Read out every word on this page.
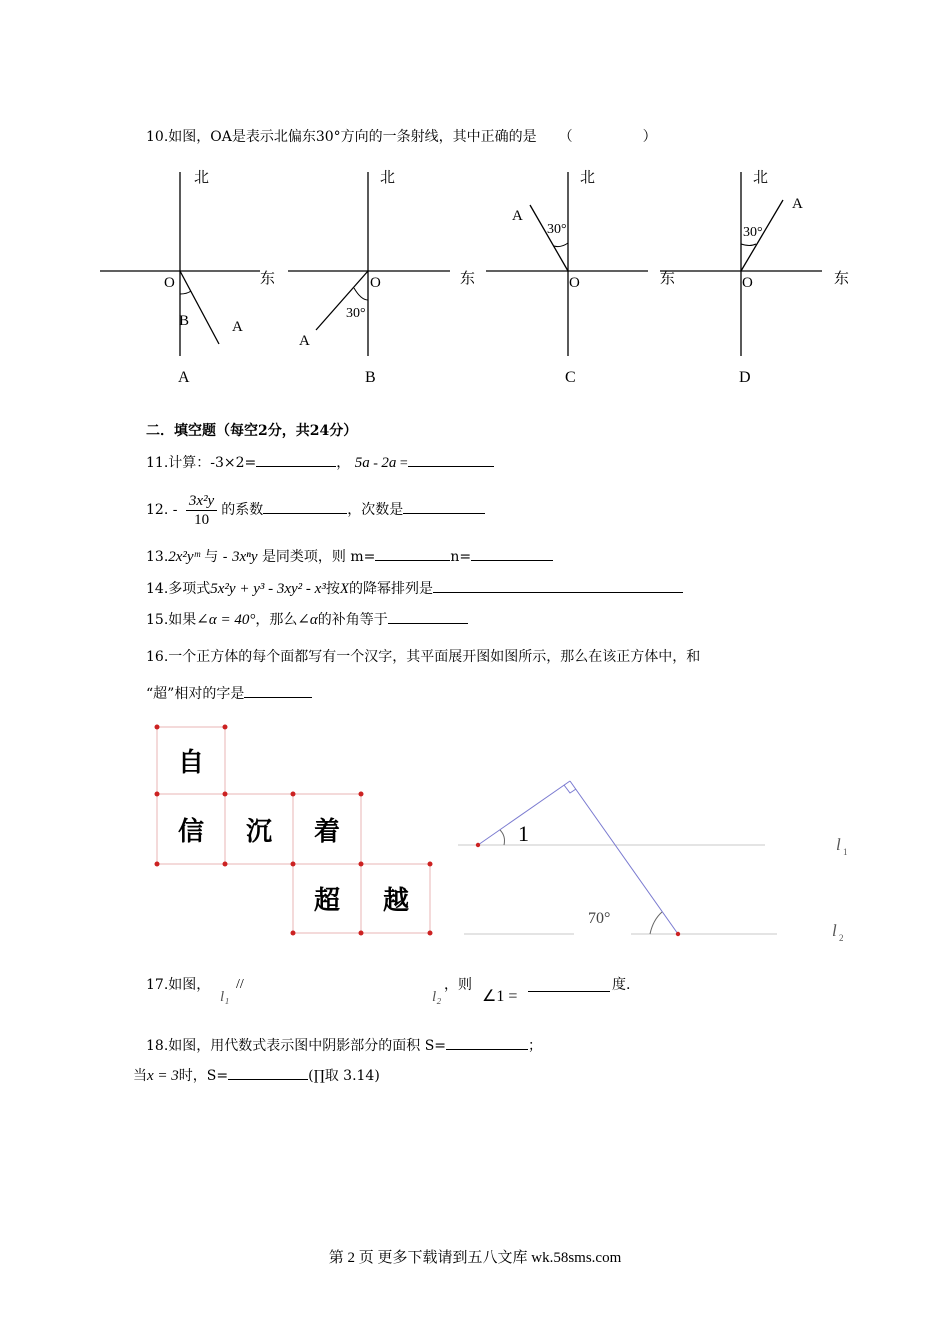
10.如图，OA是表示北偏东30°方向的一条射线，其中正确的是 （　　　　　）
北
O	东
B	A
A
北
O	东
30°
A
B
北
O	东
30°
A
C
北
O	东
30°
A
D
二．填空题（每空2分，共24分）
11.计算：-3×2=	， 5a - 2a =
12. - $\frac{\text{3x²y}}{10}$ 的系数	，次数是
13.2x²yᵐ 与 - 3xⁿy 是同类项，则 m=	n=
14.多项式5x²y + y³ - 3xy² - x³按X的降幂排列是
15.如果∠α = 40°，那么∠α的补角等于
16.一个正方体的每个面都写有一个汉字，其平面展开图如图所示，那么在该正方体中，和
“超”相对的字是
自
信 沉 着
超 越
1
70°
l 1
l 2
17.如图，
l₁
//
l₂
，则
∠1 =
度.
18.如图，用代数式表示图中阴影部分的面积 S=	；
当x = 3时，S=	(∏取 3.14)
第 2 页 更多下载请到五八文库 wk.58sms.com
